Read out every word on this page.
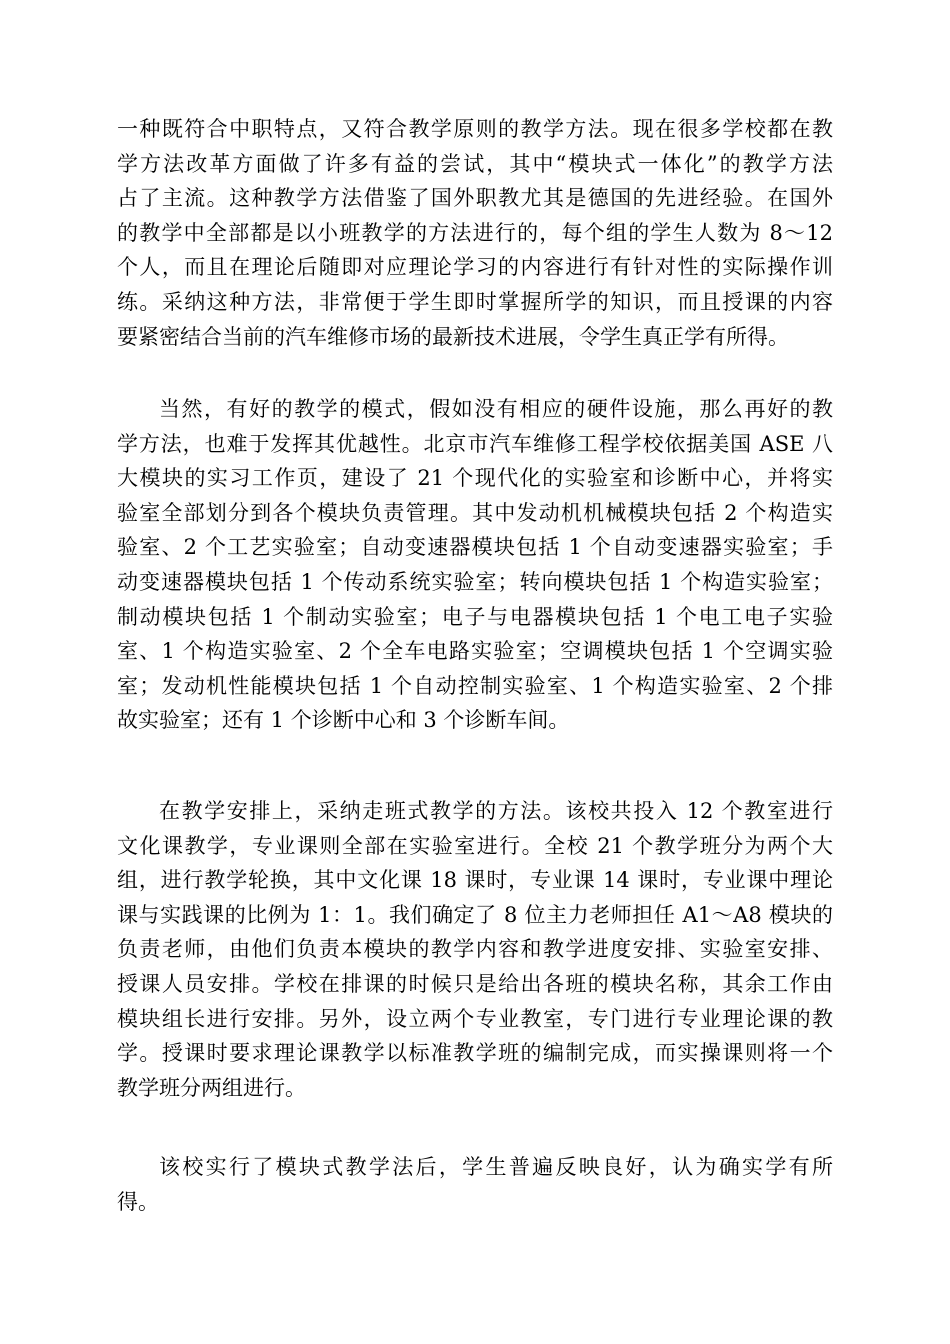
一种既符合中职特点，又符合教学原则的教学方法。现在很多学校都在教
学方法改革方面做了许多有益的尝试，其中“模块式一体化”的教学方法
占了主流。这种教学方法借鉴了国外职教尤其是德国的先进经验。在国外
的教学中全部都是以小班教学的方法进行的，每个组的学生人数为 8～12
个人，而且在理论后随即对应理论学习的内容进行有针对性的实际操作训
练。采纳这种方法，非常便于学生即时掌握所学的知识，而且授课的内容
要紧密结合当前的汽车维修市场的最新技术进展，令学生真正学有所得。
当然，有好的教学的模式，假如没有相应的硬件设施，那么再好的教
学方法，也难于发挥其优越性。北京市汽车维修工程学校依据美国 ASE 八
大模块的实习工作页，建设了 21 个现代化的实验室和诊断中心，并将实
验室全部划分到各个模块负责管理。其中发动机机械模块包括 2 个构造实
验室、2 个工艺实验室；自动变速器模块包括 1 个自动变速器实验室；手
动变速器模块包括 1 个传动系统实验室；转向模块包括 1 个构造实验室；
制动模块包括 1 个制动实验室；电子与电器模块包括 1 个电工电子实验
室、1 个构造实验室、2 个全车电路实验室；空调模块包括 1 个空调实验
室；发动机性能模块包括 1 个自动控制实验室、1 个构造实验室、2 个排
故实验室；还有 1 个诊断中心和 3 个诊断车间。
在教学安排上，采纳走班式教学的方法。该校共投入 12 个教室进行
文化课教学，专业课则全部在实验室进行。全校 21 个教学班分为两个大
组，进行教学轮换，其中文化课 18 课时，专业课 14 课时，专业课中理论
课与实践课的比例为 1：1。我们确定了 8 位主力老师担任 A1～A8 模块的
负责老师，由他们负责本模块的教学内容和教学进度安排、实验室安排、
授课人员安排。学校在排课的时候只是给出各班的模块名称，其余工作由
模块组长进行安排。另外，设立两个专业教室，专门进行专业理论课的教
学。授课时要求理论课教学以标准教学班的编制完成，而实操课则将一个
教学班分两组进行。
该校实行了模块式教学法后，学生普遍反映良好，认为确实学有所
得。
